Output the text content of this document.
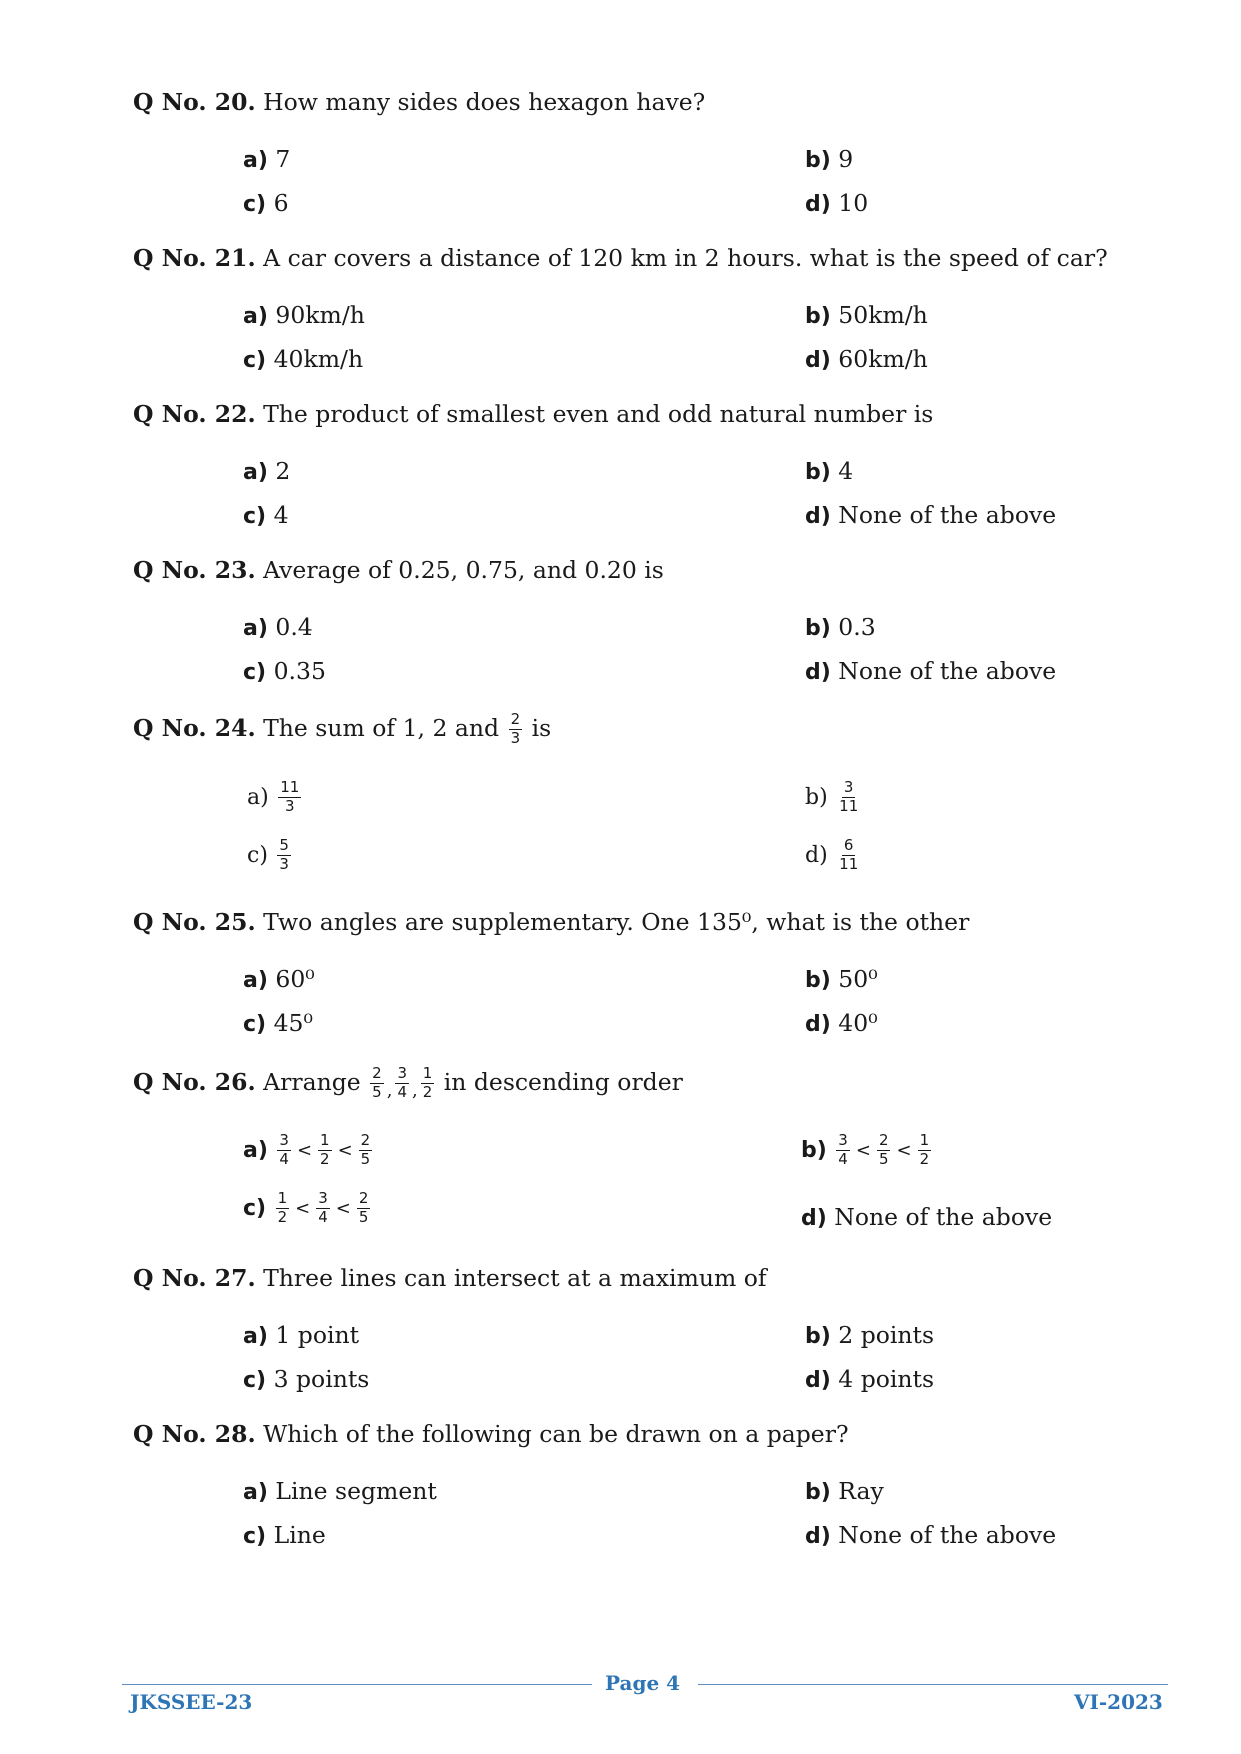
Q No. 20. How many sides does hexagon have?
a) 7	b) 9
c) 6	d) 10
Q No. 21. A car covers a distance of 120 km in 2 hours. what is the speed of car?
a) 90km/h	b) 50km/h
c) 40km/h	d) 60km/h
Q No. 22. The product of smallest even and odd natural number is
a) 2	b) 4
c) 4	d) None of the above
Q No. 23. Average of 0.25, 0.75, and 0.20 is
a) 0.4	b) 0.3
c) 0.35	d) None of the above
Q No. 24. The sum of 1, 2 and $\frac{2}{3}$ is
$a) \frac{11}{3}$	$b) \frac{3}{11}$
$c) \frac{5}{3}$	$d) \frac{6}{11}$
Q No. 25. Two angles are supplementary. One 135⁰, what is the other
a) 60⁰	b) 50⁰
c) 45⁰	d) 40⁰
Q No. 26. Arrange $\frac{2}{5} _, \frac{3}{4} _, \frac{1}{2}$ in descending order
$a) \frac{3}{4} < \frac{1}{2} < \frac{2}{5}$	$b) \frac{3}{4} < \frac{2}{5} < \frac{1}{2}$
$c) \frac{1}{2} < \frac{3}{4} < \frac{2}{5}$	d) None of the above
Q No. 27. Three lines can intersect at a maximum of
a) 1 point	b) 2 points
c) 3 points	d) 4 points
Q No. 28. Which of the following can be drawn on a paper?
a) Line segment	b) Ray
c) Line	d) None of the above
JKSSEE-23
Page 4
VI-2023
